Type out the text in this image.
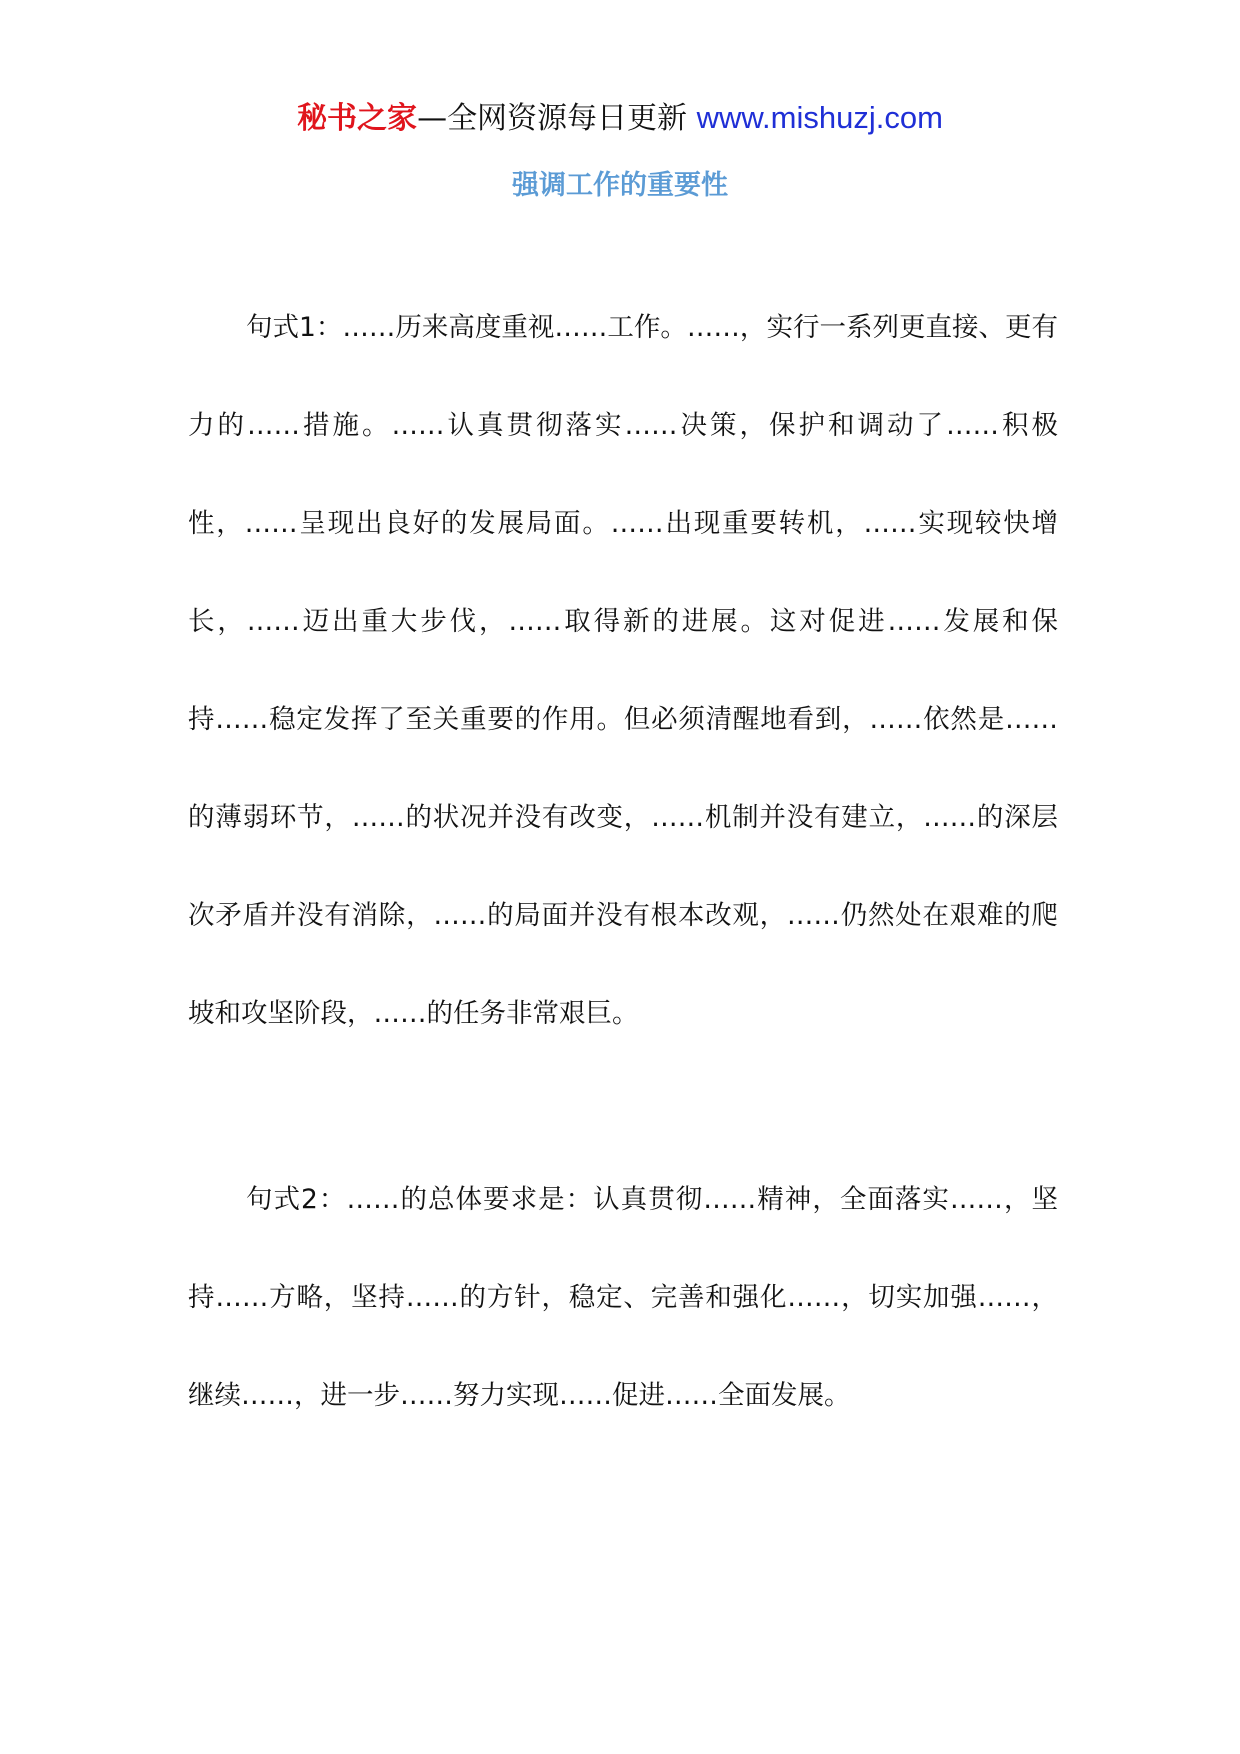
秘书之家—全网资源每日更新 www.mishuzj.com
强调工作的重要性

句式1：……历来高度重视……工作。……，实行一系列更直接、更有力的……措施。……认真贯彻落实……决策，保护和调动了……积极性，……呈现出良好的发展局面。……出现重要转机，……实现较快增长，……迈出重大步伐，……取得新的进展。这对促进……发展和保持……稳定发挥了至关重要的作用。但必须清醒地看到，……依然是……的薄弱环节，……的状况并没有改变，……机制并没有建立，……的深层次矛盾并没有消除，……的局面并没有根本改观，……仍然处在艰难的爬坡和攻坚阶段，……的任务非常艰巨。

句式2：……的总体要求是：认真贯彻……精神，全面落实……，坚持……方略，坚持……的方针，稳定、完善和强化……，切实加强……，继续……，进一步……努力实现……促进……全面发展。
